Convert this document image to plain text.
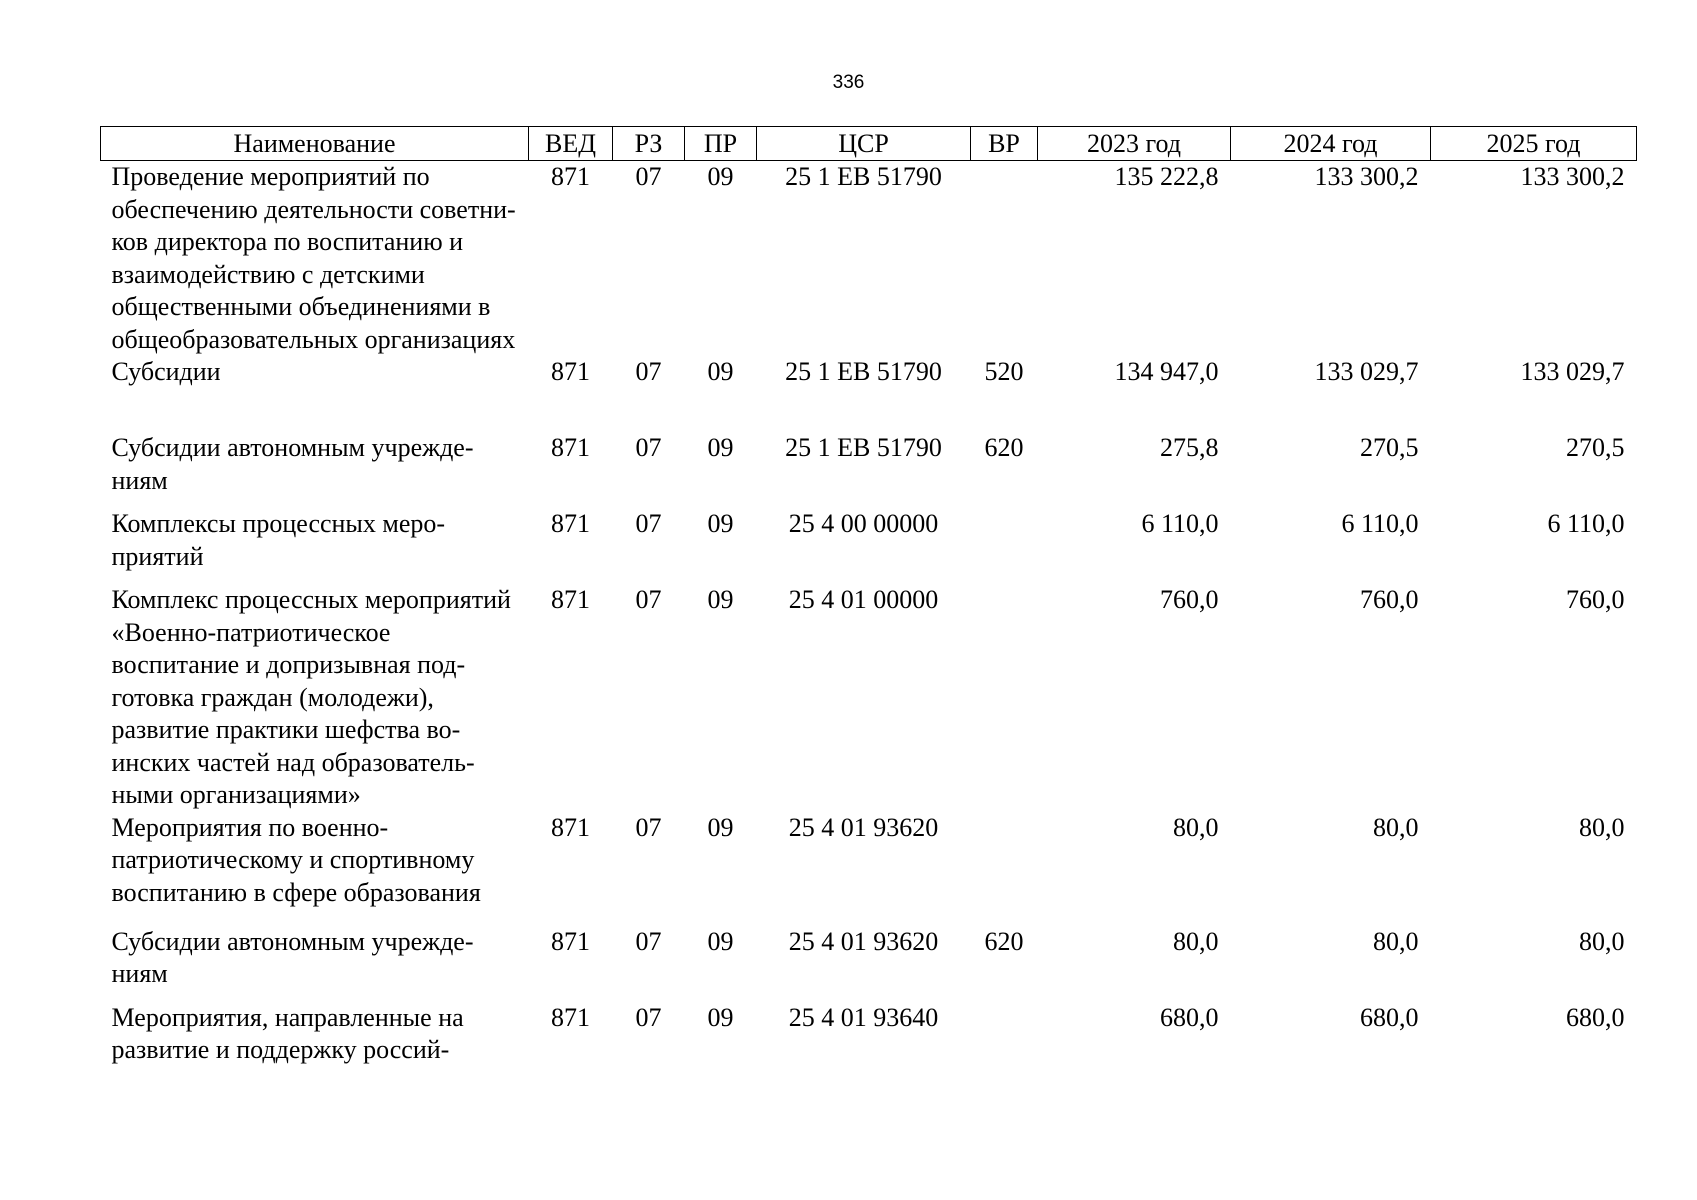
336
Наименование	ВЕД	РЗ	ПР	ЦСР	ВР	2023 год	2024 год	2025 год
Проведение мероприятий по обеспечению деятельности советников директора по воспитанию и взаимодействию с детскими общественными объединениями в общеобразовательных организациях	871	07	09	25 1 EB 51790		135 222,8	133 300,2	133 300,2
Субсидии	871	07	09	25 1 EB 51790	520	134 947,0	133 029,7	133 029,7
Субсидии автономным учреждениям	871	07	09	25 1 EB 51790	620	275,8	270,5	270,5
Комплексы процессных мероприятий	871	07	09	25 4 00 00000		6 110,0	6 110,0	6 110,0
Комплекс процессных мероприятий «Военно-патриотическое воспитание и допризывная подготовка граждан (молодежи), развитие практики шефства воинских частей над образовательными организациями»	871	07	09	25 4 01 00000		760,0	760,0	760,0
Мероприятия по военно-патриотическому и спортивному воспитанию в сфере образования	871	07	09	25 4 01 93620		80,0	80,0	80,0
Субсидии автономным учреждениям	871	07	09	25 4 01 93620	620	80,0	80,0	80,0
Мероприятия, направленные на развитие и поддержку россий-	871	07	09	25 4 01 93640		680,0	680,0	680,0
